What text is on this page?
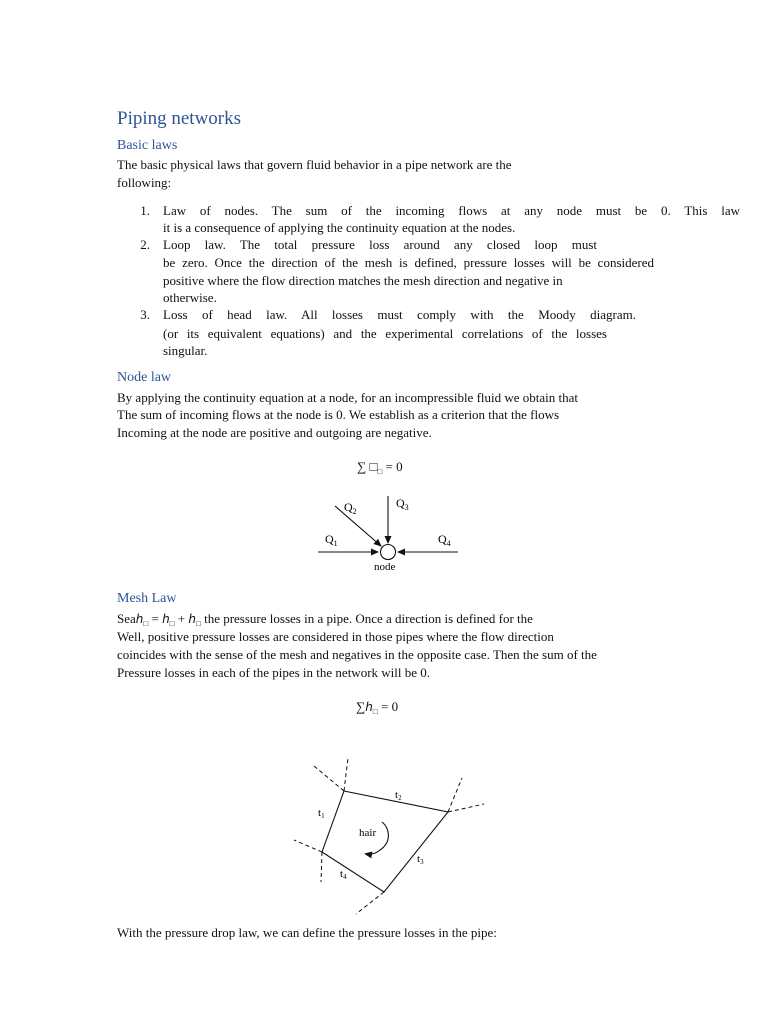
Piping networks
Basic laws
The basic physical laws that govern fluid behavior in a pipe network are the
following:
1. Law of nodes. The sum of the incoming flows at any node must be 0. This law
it is a consequence of applying the continuity equation at the nodes.
2. Loop law. The total pressure loss around any closed loop must
be zero. Once the direction of the mesh is defined, pressure losses will be considered
positive where the flow direction matches the mesh direction and negative in
otherwise.
3. Loss of head law. All losses must comply with the Moody diagram.
(or its equivalent equations) and the experimental correlations of the losses
singular.
Node law
By applying the continuity equation at a node, for an incompressible fluid we obtain that
The sum of incoming flows at the node is 0. We establish as a criterion that the flows
Incoming at the node are positive and outgoing are negative.
∑ $□_□ = 0$
$Q_2$
$Q_3$
$Q_1$	$Q_4$
node
Mesh Law
Seah$_□$ = $h_□ + h_□$ the pressure losses in a pipe. Once a direction is defined for the
Well, positive pressure losses are considered in those pipes where the flow direction
coincides with the sense of the mesh and negatives in the opposite case. Then the sum of the
Pressure losses in each of the pipes in the network will be 0.
$\sum h_□ = 0$
hair
t1
t2
t3
t4
With the pressure drop law, we can define the pressure losses in the pipe:
